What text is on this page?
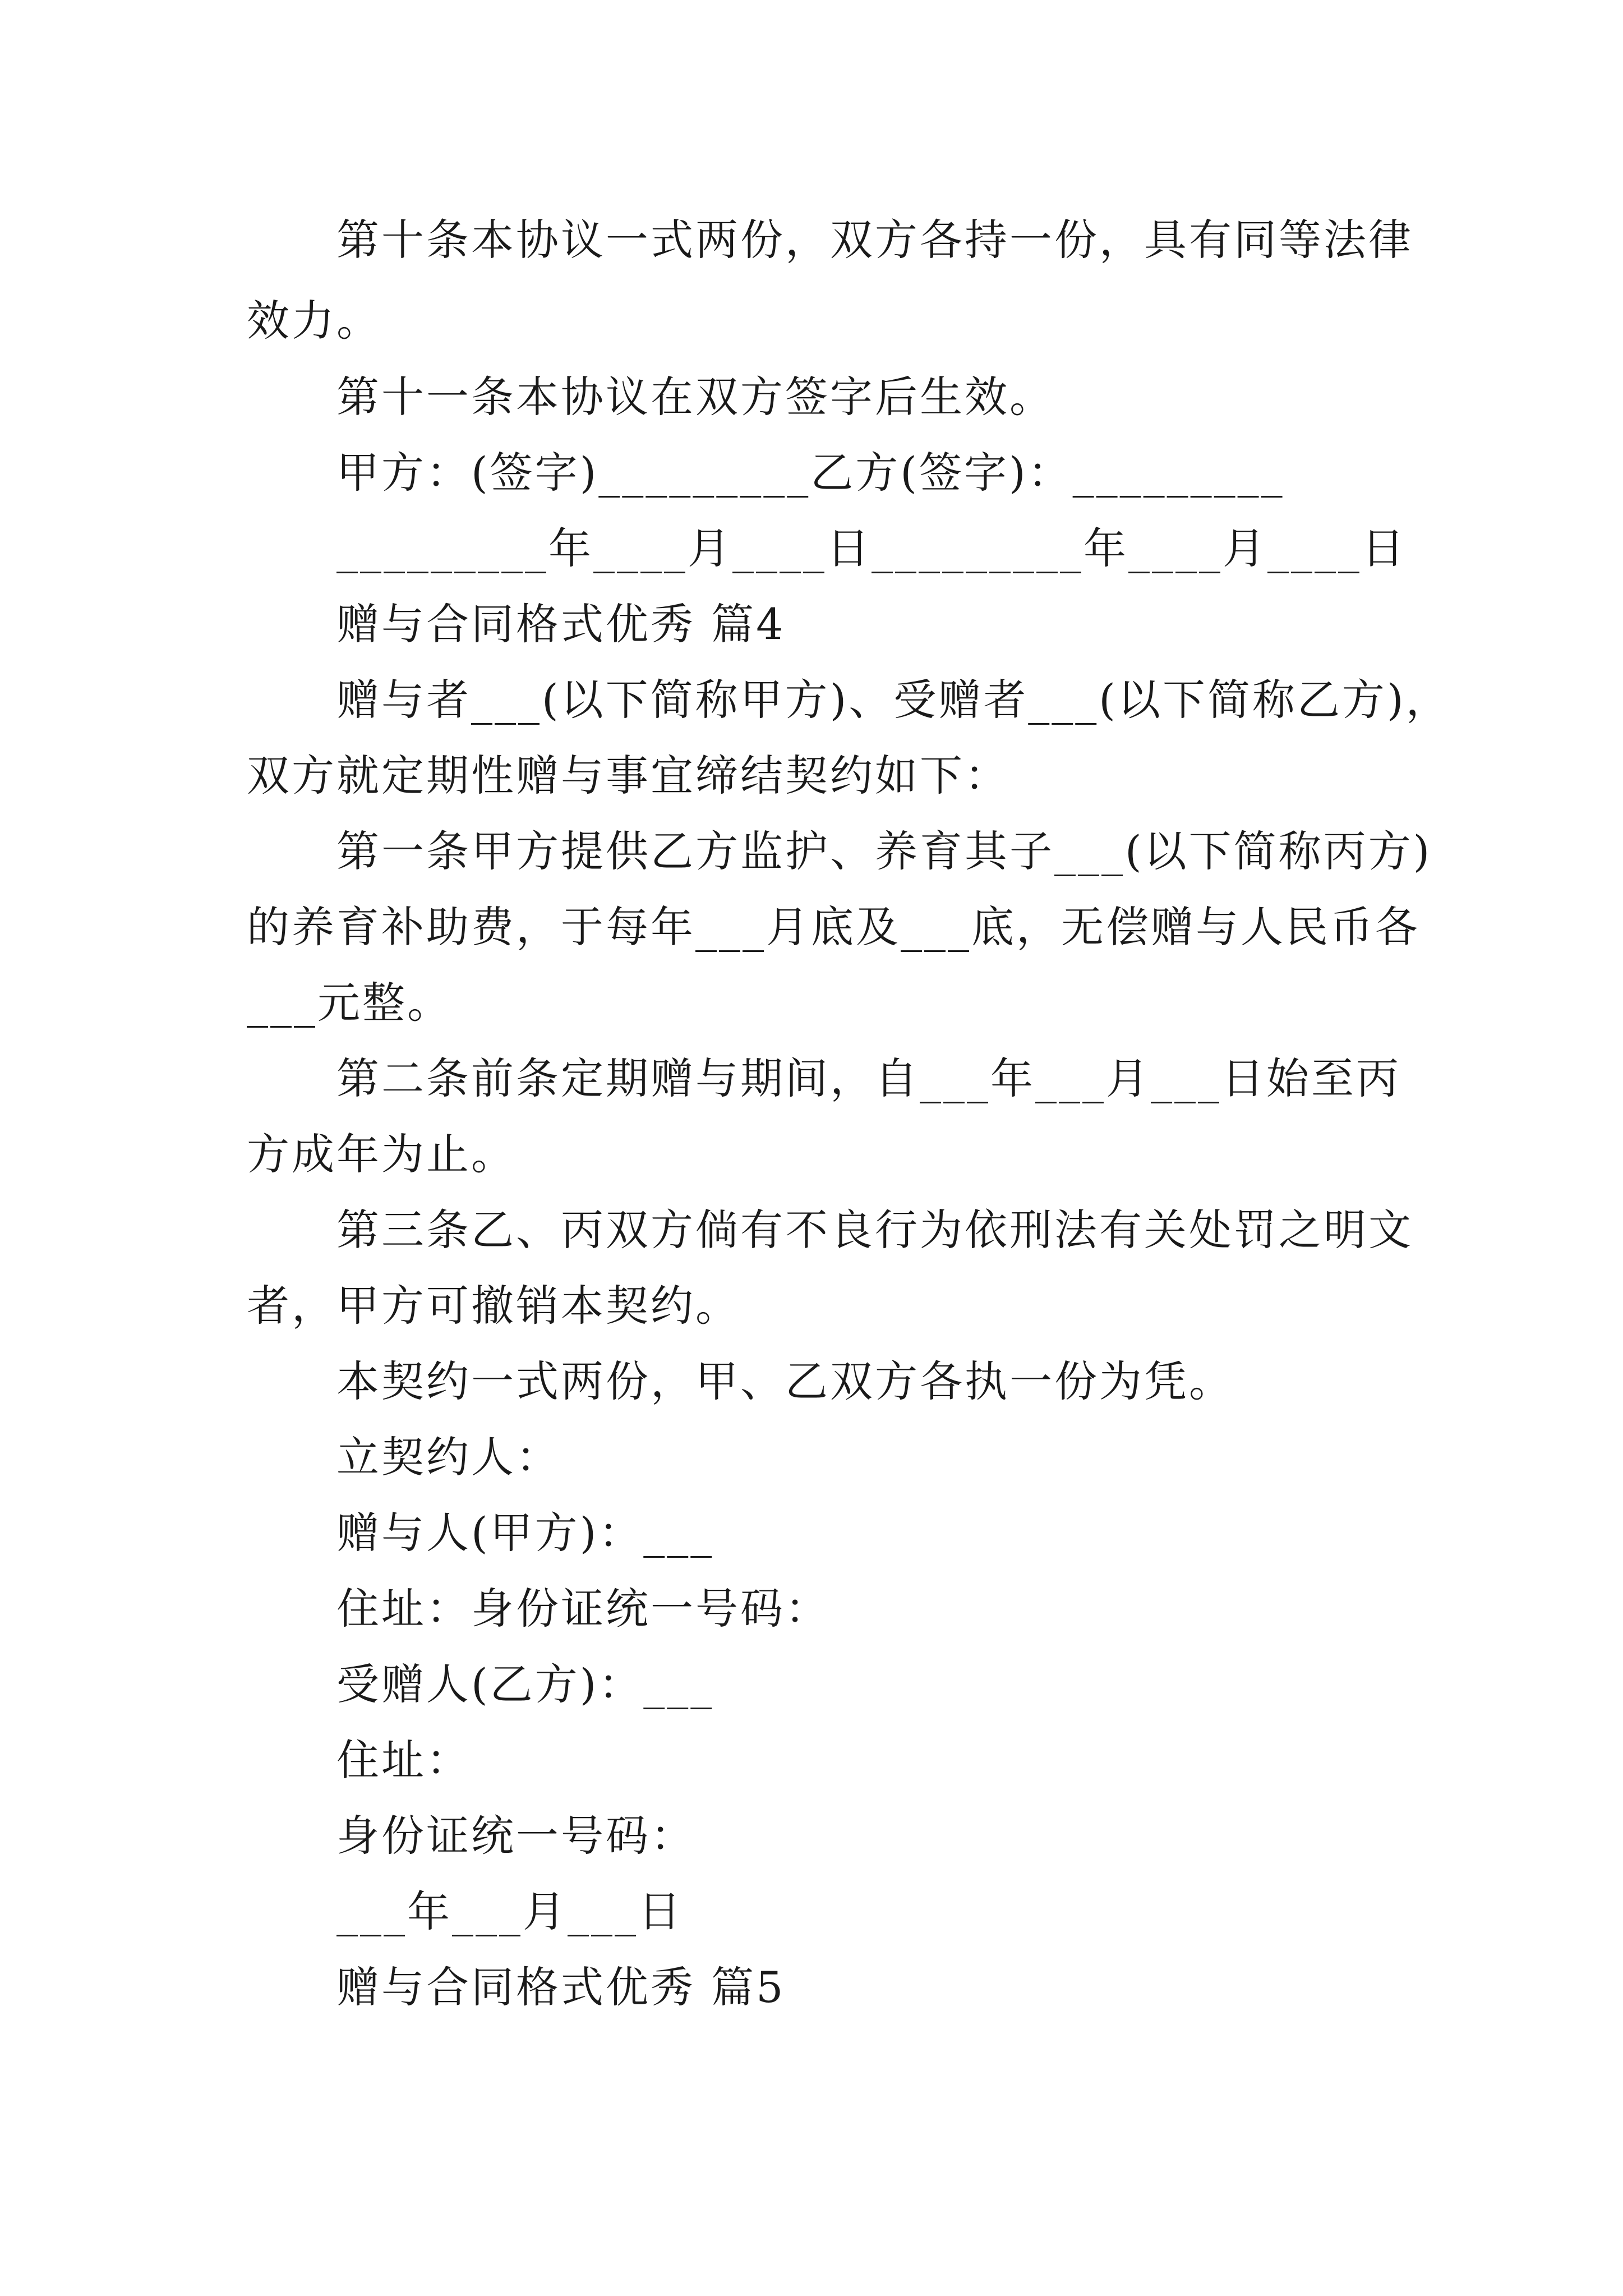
第十条本协议一式两份，双方各持一份，具有同等法律
效力。
第十一条本协议在双方签字后生效。
甲方：(签字)_________乙方(签字)：_________
_________年____月____日_________年____月____日
赠与合同格式优秀 篇4
赠与者___(以下简称甲方)、受赠者___(以下简称乙方)，
双方就定期性赠与事宜缔结契约如下：
第一条甲方提供乙方监护、养育其子___(以下简称丙方)
的养育补助费，于每年___月底及___底，无偿赠与人民币各
___元整。
第二条前条定期赠与期间，自___年___月___日始至丙
方成年为止。
第三条乙、丙双方倘有不良行为依刑法有关处罚之明文
者，甲方可撤销本契约。
本契约一式两份，甲、乙双方各执一份为凭。
立契约人：
赠与人(甲方)：___
住址：身份证统一号码：
受赠人(乙方)：___
住址：
身份证统一号码：
___年___月___日
赠与合同格式优秀 篇5
